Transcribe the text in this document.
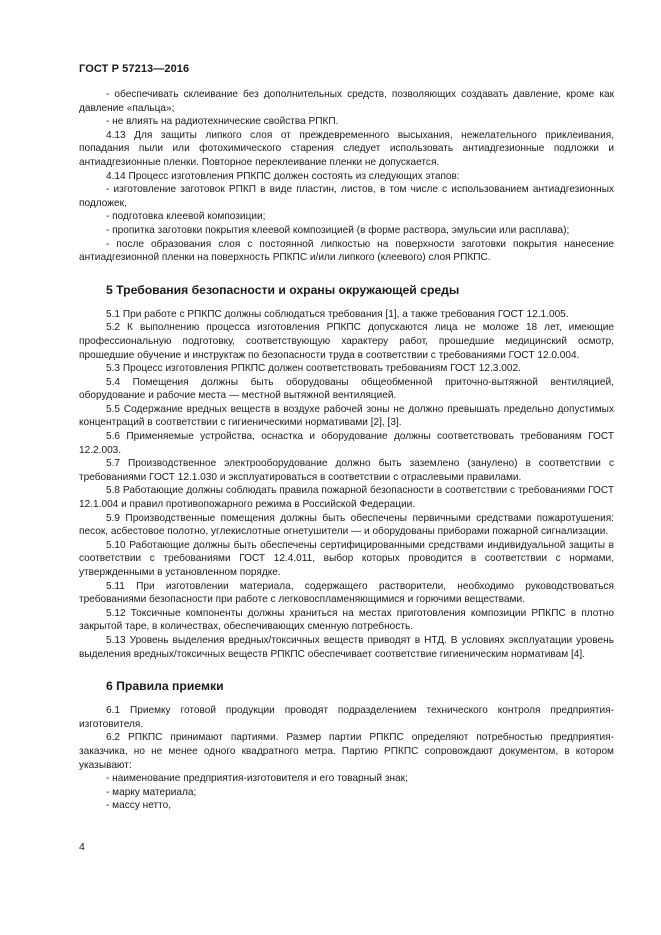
ГОСТ Р 57213—2016

- обеспечивать склеивание без дополнительных средств, позволяющих создавать давление, кроме как давление «пальца»;

- не влиять на радиотехнические свойства РПКП.

4.13 Для защиты липкого слоя от преждевременного высыхания, нежелательного приклеивания, попадания пыли или фотохимического старения следует использовать антиадгезионные подложки и антиадгезионные пленки. Повторное переклеивание пленки не допускается.

4.14 Процесс изготовления РПКПС должен состоять из следующих этапов:

- изготовление заготовок РПКП в виде пластин, листов, в том числе с использованием антиадгезионных подложек,

- подготовка клеевой композиции;

- пропитка заготовки покрытия клеевой композицией (в форме раствора, эмульсии или расплава);

- после образования слоя с постоянной липкостью на поверхности заготовки покрытия нанесение антиадгезионной пленки на поверхность РПКПС и/или липкого (клеевого) слоя РПКПС.

5 Требования безопасности и охраны окружающей среды

5.1 При работе с РПКПС должны соблюдаться требования [1], а также требования ГОСТ 12.1.005.

5.2 К выполнению процесса изготовления РПКПС допускаются лица не моложе 18 лет, имеющие профессиональную подготовку, соответствующую характеру работ, прошедшие медицинский осмотр, прошедшие обучение и инструктаж по безопасности труда в соответствии с требованиями ГОСТ 12.0.004.

5.3 Процесс изготовления РПКПС должен соответствовать требованиям ГОСТ 12.3.002.

5.4 Помещения должны быть оборудованы общеобменной приточно-вытяжной вентиляцией, оборудование и рабочие места — местной вытяжной вентиляцией.

5.5 Содержание вредных веществ в воздухе рабочей зоны не должно превышать предельно допустимых концентраций в соответствии с гигиеническими нормативами [2], [3].

5.6 Применяемые устройства, оснастка и оборудование должны соответствовать требованиям ГОСТ 12.2.003.

5.7 Производственное электрооборудование должно быть заземлено (занулено) в соответствии с требованиями ГОСТ 12.1.030 и эксплуатироваться в соответствии с отраслевыми правилами.

5.8 Работающие должны соблюдать правила пожарной безопасности в соответствии с требованиями ГОСТ 12.1.004 и правил противопожарного режима в Российской Федерации.

5.9 Производственные помещения должны быть обеспечены первичными средствами пожаротушения: песок, асбестовое полотно, углекислотные огнетушители — и оборудованы приборами пожарной сигнализации.

5.10 Работающие должны быть обеспечены сертифицированными средствами индивидуальной защиты в соответствии с требованиями ГОСТ 12.4.011, выбор которых проводится в соответствии с нормами, утвержденными в установленном порядке.

5.11 При изготовлении материала, содержащего растворители, необходимо руководствоваться требованиями безопасности при работе с легковоспламеняющимися и горючими веществами.

5.12 Токсичные компоненты должны храниться на местах приготовления композиции РПКПС в плотно закрытой таре, в количествах, обеспечивающих сменную потребность.

5.13 Уровень выделения вредных/токсичных веществ приводят в НТД. В условиях эксплуатации уровень выделения вредных/токсичных веществ РПКПС обеспечивает соответствие гигиеническим нормативам [4].

6 Правила приемки

6.1 Приемку готовой продукции проводят подразделением технического контроля предприятия-изготовителя.

6.2 РПКПС принимают партиями. Размер партии РПКПС определяют потребностью предприятия-заказчика, но не менее одного квадратного метра. Партию РПКПС сопровождают документом, в котором указывают:

- наименование предприятия-изготовителя и его товарный знак;

- марку материала;

- массу нетто,

4
